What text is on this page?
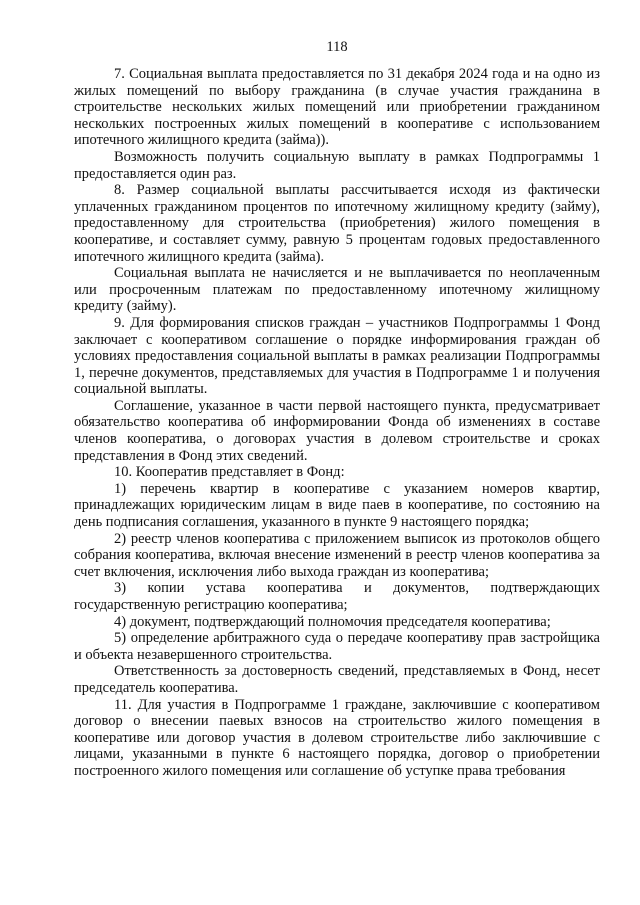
118

7. Социальная выплата предоставляется по 31 декабря 2024 года и на одно из жилых помещений по выбору гражданина (в случае участия гражданина в строительстве нескольких жилых помещений или приобретении гражданином нескольких построенных жилых помещений в кооперативе с использованием ипотечного жилищного кредита (займа)).

Возможность получить социальную выплату в рамках Подпрограммы 1 предоставляется один раз.

8. Размер социальной выплаты рассчитывается исходя из фактически уплаченных гражданином процентов по ипотечному жилищному кредиту (займу), предоставленному для строительства (приобретения) жилого помещения в кооперативе, и составляет сумму, равную 5 процентам годовых предоставленного ипотечного жилищного кредита (займа).

Социальная выплата не начисляется и не выплачивается по неоплаченным или просроченным платежам по предоставленному ипотечному жилищному кредиту (займу).

9. Для формирования списков граждан – участников Подпрограммы 1 Фонд заключает с кооперативом соглашение о порядке информирования граждан об условиях предоставления социальной выплаты в рамках реализации Подпрограммы 1, перечне документов, представляемых для участия в Подпрограмме 1 и получения социальной выплаты.

Соглашение, указанное в части первой настоящего пункта, предусматривает обязательство кооператива об информировании Фонда об изменениях в составе членов кооператива, о договорах участия в долевом строительстве и сроках представления в Фонд этих сведений.

10. Кооператив представляет в Фонд:

1) перечень квартир в кооперативе с указанием номеров квартир, принадлежащих юридическим лицам в виде паев в кооперативе, по состоянию на день подписания соглашения, указанного в пункте 9 настоящего порядка;

2) реестр членов кооператива с приложением выписок из протоколов общего собрания кооператива, включая внесение изменений в реестр членов кооператива за счет включения, исключения либо выхода граждан из кооператива;

3) копии устава кооператива и документов, подтверждающих государственную регистрацию кооператива;

4) документ, подтверждающий полномочия председателя кооператива;

5) определение арбитражного суда о передаче кооперативу прав застройщика и объекта незавершенного строительства.

Ответственность за достоверность сведений, представляемых в Фонд, несет председатель кооператива.

11. Для участия в Подпрограмме 1 граждане, заключившие с кооперативом договор о внесении паевых взносов на строительство жилого помещения в кооперативе или договор участия в долевом строительстве либо заключившие с лицами, указанными в пункте 6 настоящего порядка, договор о приобретении построенного жилого помещения или соглашение об уступке права требования
